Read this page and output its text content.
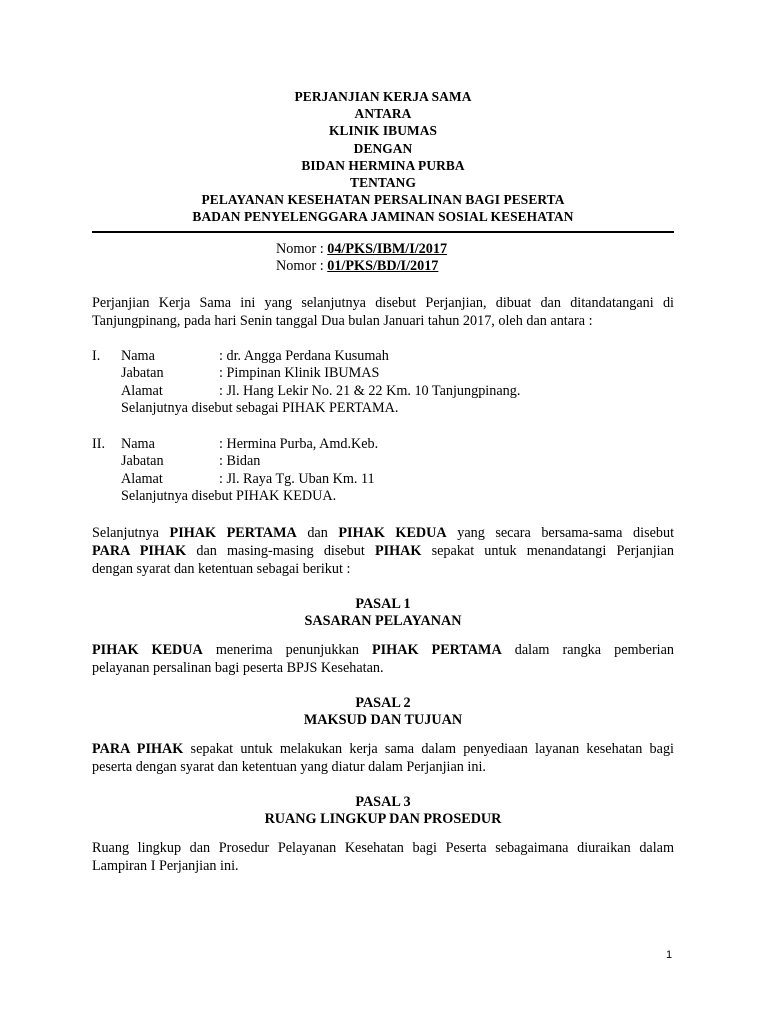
PERJANJIAN KERJA SAMA
ANTARA
KLINIK IBUMAS
DENGAN
BIDAN HERMINA PURBA
TENTANG
PELAYANAN KESEHATAN PERSALINAN BAGI PESERTA
BADAN PENYELENGGARA JAMINAN SOSIAL KESEHATAN
Nomor : 04/PKS/IBM/I/2017
Nomor : 01/PKS/BD/I/2017

Perjanjian Kerja Sama ini yang selanjutnya disebut Perjanjian, dibuat dan ditandatangani di
Tanjungpinang, pada hari Senin tanggal Dua bulan Januari tahun 2017, oleh dan antara :

I.	Nama	: dr. Angga Perdana Kusumah
Jabatan	: Pimpinan Klinik IBUMAS
Alamat	: Jl. Hang Lekir No. 21 & 22 Km. 10 Tanjungpinang.
Selanjutnya disebut sebagai PIHAK PERTAMA.
II.	Nama	: Hermina Purba, Amd.Keb.
Jabatan	: Bidan
Alamat	: Jl. Raya Tg. Uban Km. 11
Selanjutnya disebut PIHAK KEDUA.

Selanjutnya PIHAK PERTAMA dan PIHAK KEDUA yang secara bersama-sama disebut
PARA PIHAK dan masing-masing disebut PIHAK sepakat untuk menandatangi Perjanjian
dengan syarat dan ketentuan sebagai berikut :

PASAL 1
SASARAN PELAYANAN

PIHAK KEDUA menerima penunjukkan PIHAK PERTAMA dalam rangka pemberian
pelayanan persalinan bagi peserta BPJS Kesehatan.

PASAL 2
MAKSUD DAN TUJUAN

PARA PIHAK sepakat untuk melakukan kerja sama dalam penyediaan layanan kesehatan bagi
peserta dengan syarat dan ketentuan yang diatur dalam Perjanjian ini.

PASAL 3
RUANG LINGKUP DAN PROSEDUR

Ruang lingkup dan Prosedur Pelayanan Kesehatan bagi Peserta sebagaimana diuraikan dalam
Lampiran I Perjanjian ini.

1
